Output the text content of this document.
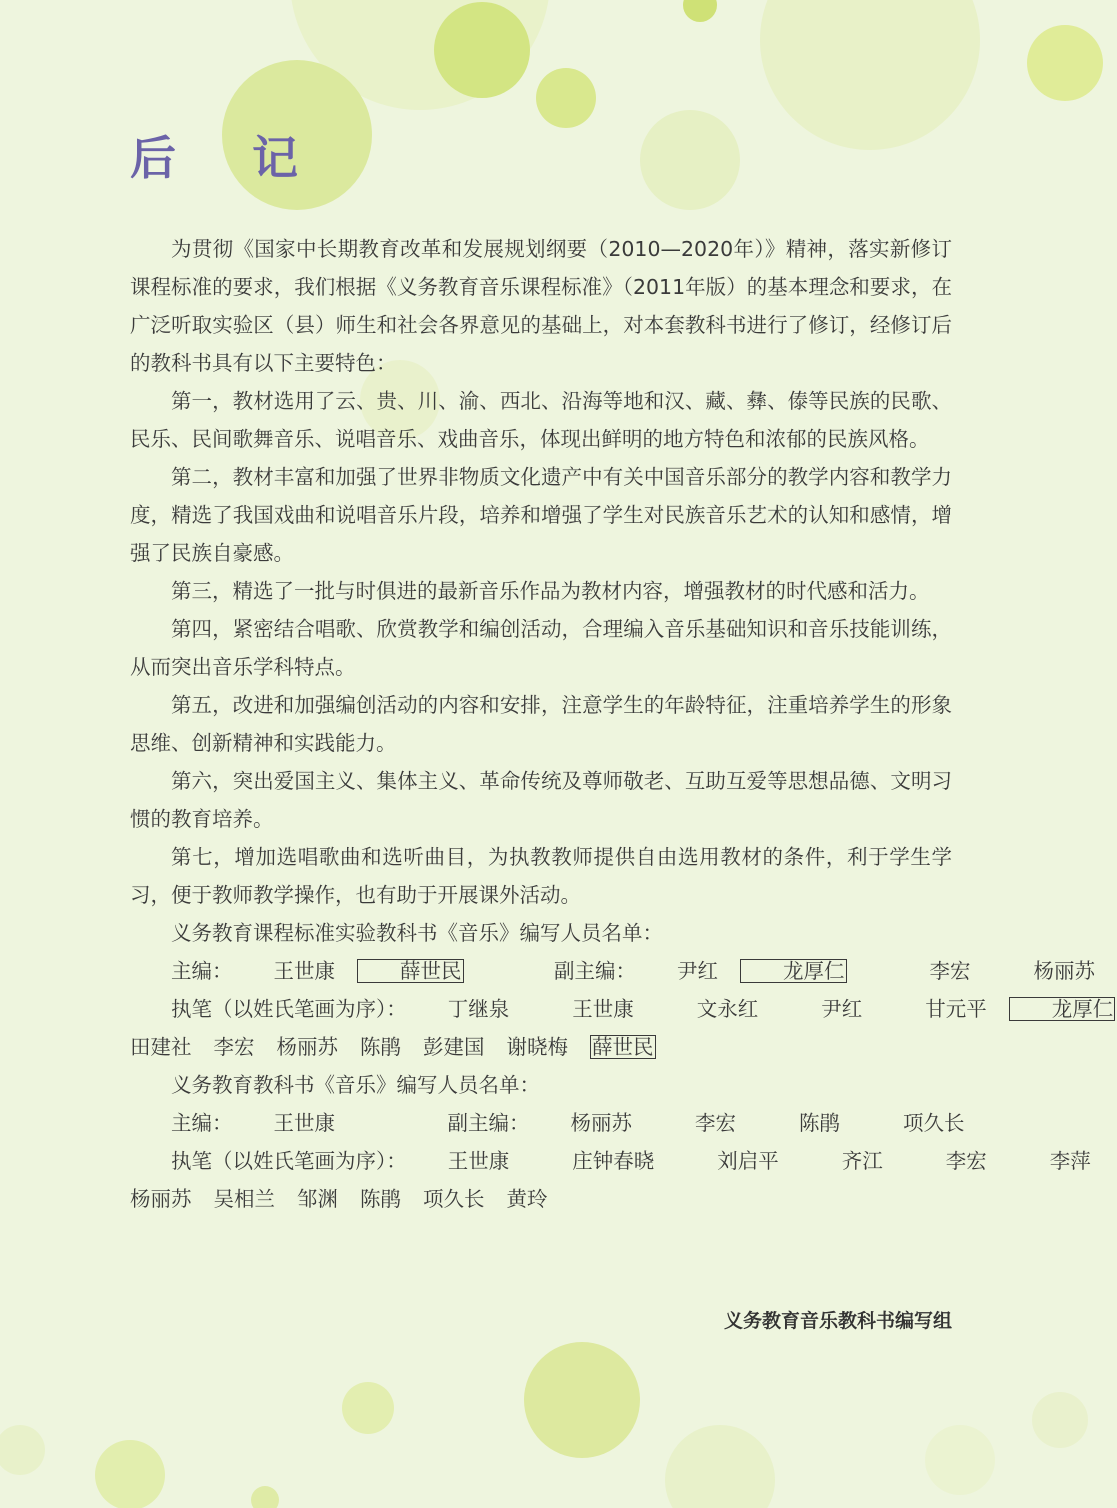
后 记

为贯彻《国家中长期教育改革和发展规划纲要（2010—2020年）》精神，落实新修订课程标准的要求，我们根据《义务教育音乐课程标准》（2011年版）的基本理念和要求，在广泛听取实验区（县）师生和社会各界意见的基础上，对本套教科书进行了修订，经修订后的教科书具有以下主要特色：

第一，教材选用了云、贵、川、渝、西北、沿海等地和汉、藏、彝、傣等民族的民歌、民乐、民间歌舞音乐、说唱音乐、戏曲音乐，体现出鲜明的地方特色和浓郁的民族风格。

第二，教材丰富和加强了世界非物质文化遗产中有关中国音乐部分的教学内容和教学力度，精选了我国戏曲和说唱音乐片段，培养和增强了学生对民族音乐艺术的认知和感情，增强了民族自豪感。

第三，精选了一批与时俱进的最新音乐作品为教材内容，增强教材的时代感和活力。

第四，紧密结合唱歌、欣赏教学和编创活动，合理编入音乐基础知识和音乐技能训练，从而突出音乐学科特点。

第五，改进和加强编创活动的内容和安排，注意学生的年龄特征，注重培养学生的形象思维、创新精神和实践能力。

第六，突出爱国主义、集体主义、革命传统及尊师敬老、互助互爱等思想品德、文明习惯的教育培养。

第七，增加选唱歌曲和选听曲目，为执教教师提供自由选用教材的条件，利于学生学习，便于教师教学操作，也有助于开展课外活动。

义务教育课程标准实验教科书《音乐》编写人员名单：
主编： 王世康	薛世民	副主编： 尹红	龙厚仁	李宏	杨丽苏
执笔（以姓氏笔画为序）： 丁继泉	王世康	文永红	尹红	甘元平	龙厚仁
田建社 李宏 杨丽苏 陈鹃 彭建国 谢晓梅 薛世民
义务教育教科书《音乐》编写人员名单：
主编： 王世康	副主编： 杨丽苏	李宏	陈鹃	项久长
执笔（以姓氏笔画为序）： 王世康	庄钟春晓	刘启平	齐江	李宏	李萍
杨丽苏 吴相兰 邹渊 陈鹃 项久长 黄玲
义务教育音乐教科书编写组
